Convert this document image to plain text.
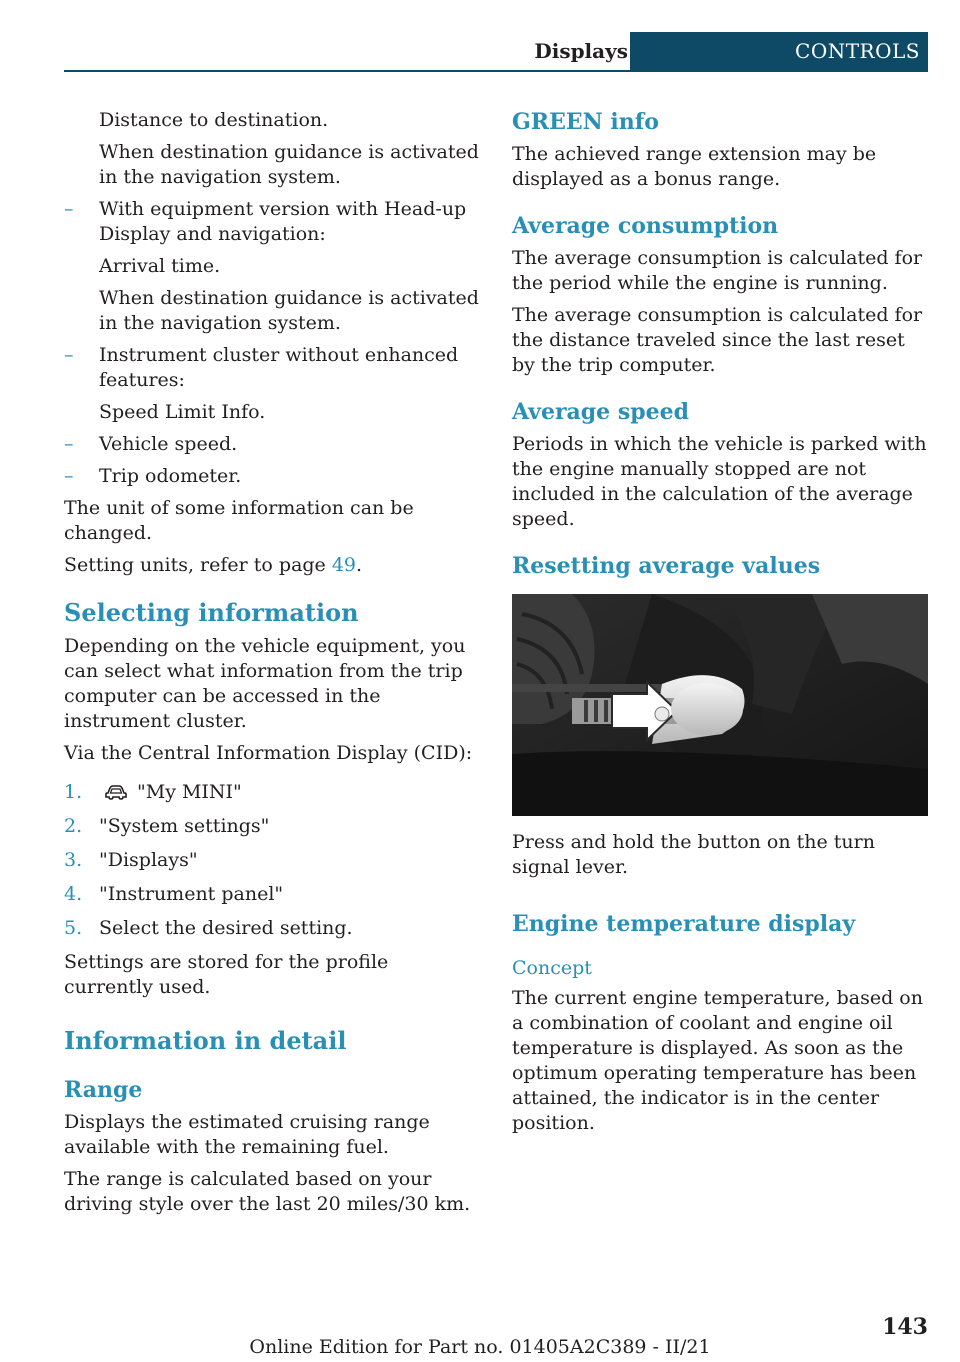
Displays	CONTROLS

Distance to destination.

When destination guidance is activated in the navigation system.

– With equipment version with Head-up Display and navigation:

Arrival time.

When destination guidance is activated in the navigation system.

– Instrument cluster without enhanced features:

Speed Limit Info.

– Vehicle speed.
– Trip odometer.

The unit of some information can be changed.

Setting units, refer to page 49.

Selecting information

Depending on the vehicle equipment, you can select what information from the trip computer can be accessed in the instrument cluster.

Via the Central Information Display (CID):

1.	"My MINI"
2. "System settings"
3. "Displays"
4. "Instrument panel"
5. Select the desired setting.

Settings are stored for the profile currently used.

Information in detail
Range

Displays the estimated cruising range available with the remaining fuel.

The range is calculated based on your driving style over the last 20 miles/30 km.

GREEN info

The achieved range extension may be displayed as a bonus range.

Average consumption

The average consumption is calculated for the period while the engine is running.

The average consumption is calculated for the distance traveled since the last reset by the trip computer.

Average speed

Periods in which the vehicle is parked with the engine manually stopped are not included in the calculation of the average speed.

Resetting average values

Press and hold the button on the turn signal lever.

Engine temperature display
Concept

The current engine temperature, based on a combination of coolant and engine oil temperature is displayed. As soon as the optimum operating temperature has been attained, the indicator is in the center position.

143
Online Edition for Part no. 01405A2C389 - II/21
